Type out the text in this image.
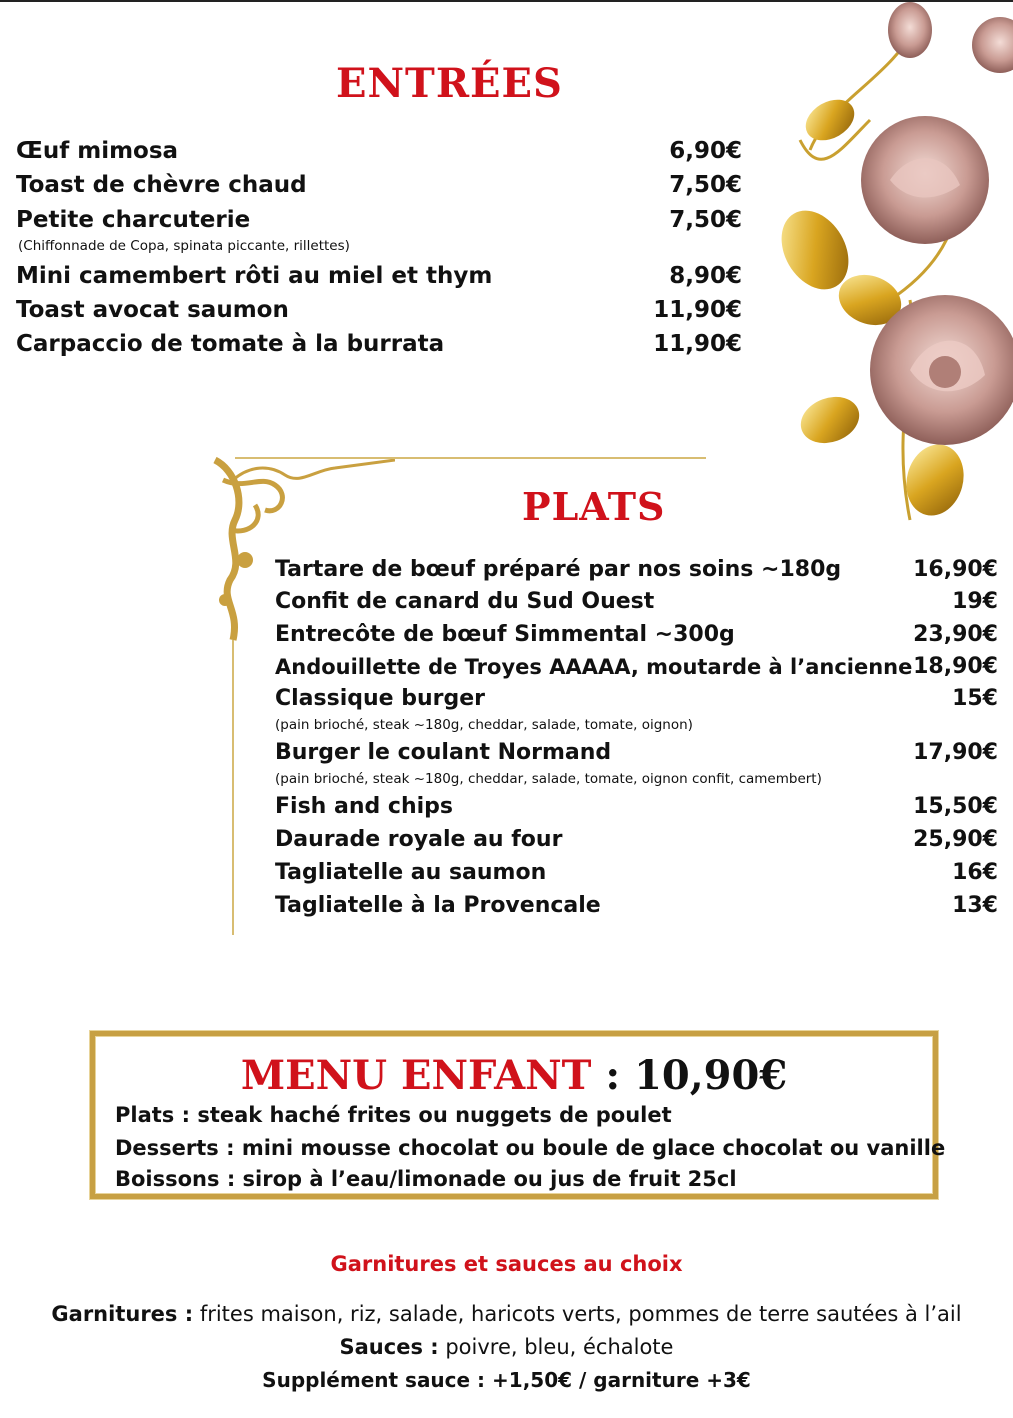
ENTRÉES
Œuf mimosa	6,90€
Toast de chèvre chaud	7,50€
Petite charcuterie	7,50€
(Chiffonnade de Copa, spinata piccante, rillettes)
Mini camembert rôti au miel et thym	8,90€
Toast avocat saumon	11,90€
Carpaccio de tomate à la burrata	11,90€
PLATS
Tartare de bœuf préparé par nos soins ~180g	16,90€
Confit de canard du Sud Ouest	19€
Entrecôte de bœuf Simmental ~300g	23,90€
Andouillette de Troyes AAAAA, moutarde à l’ancienne 18,90€
Classique burger	15€
(pain brioché, steak ~180g, cheddar, salade, tomate, oignon)
Burger le coulant Normand	17,90€
(pain brioché, steak ~180g, cheddar, salade, tomate, oignon confit, camembert)
Fish and chips	15,50€
Daurade royale au four	25,90€
Tagliatelle au saumon	16€
Tagliatelle à la Provencale	13€
MENU ENFANT : 10,90€
Plats : steak haché frites ou nuggets de poulet
Desserts : mini mousse chocolat ou boule de glace chocolat ou vanille
Boissons : sirop à l’eau/limonade ou jus de fruit 25cl
Garnitures et sauces au choix
Garnitures : frites maison, riz, salade, haricots verts, pommes de terre sautées à l’ail
Sauces : poivre, bleu, échalote
Supplément sauce : +1,50€ / garniture +3€
